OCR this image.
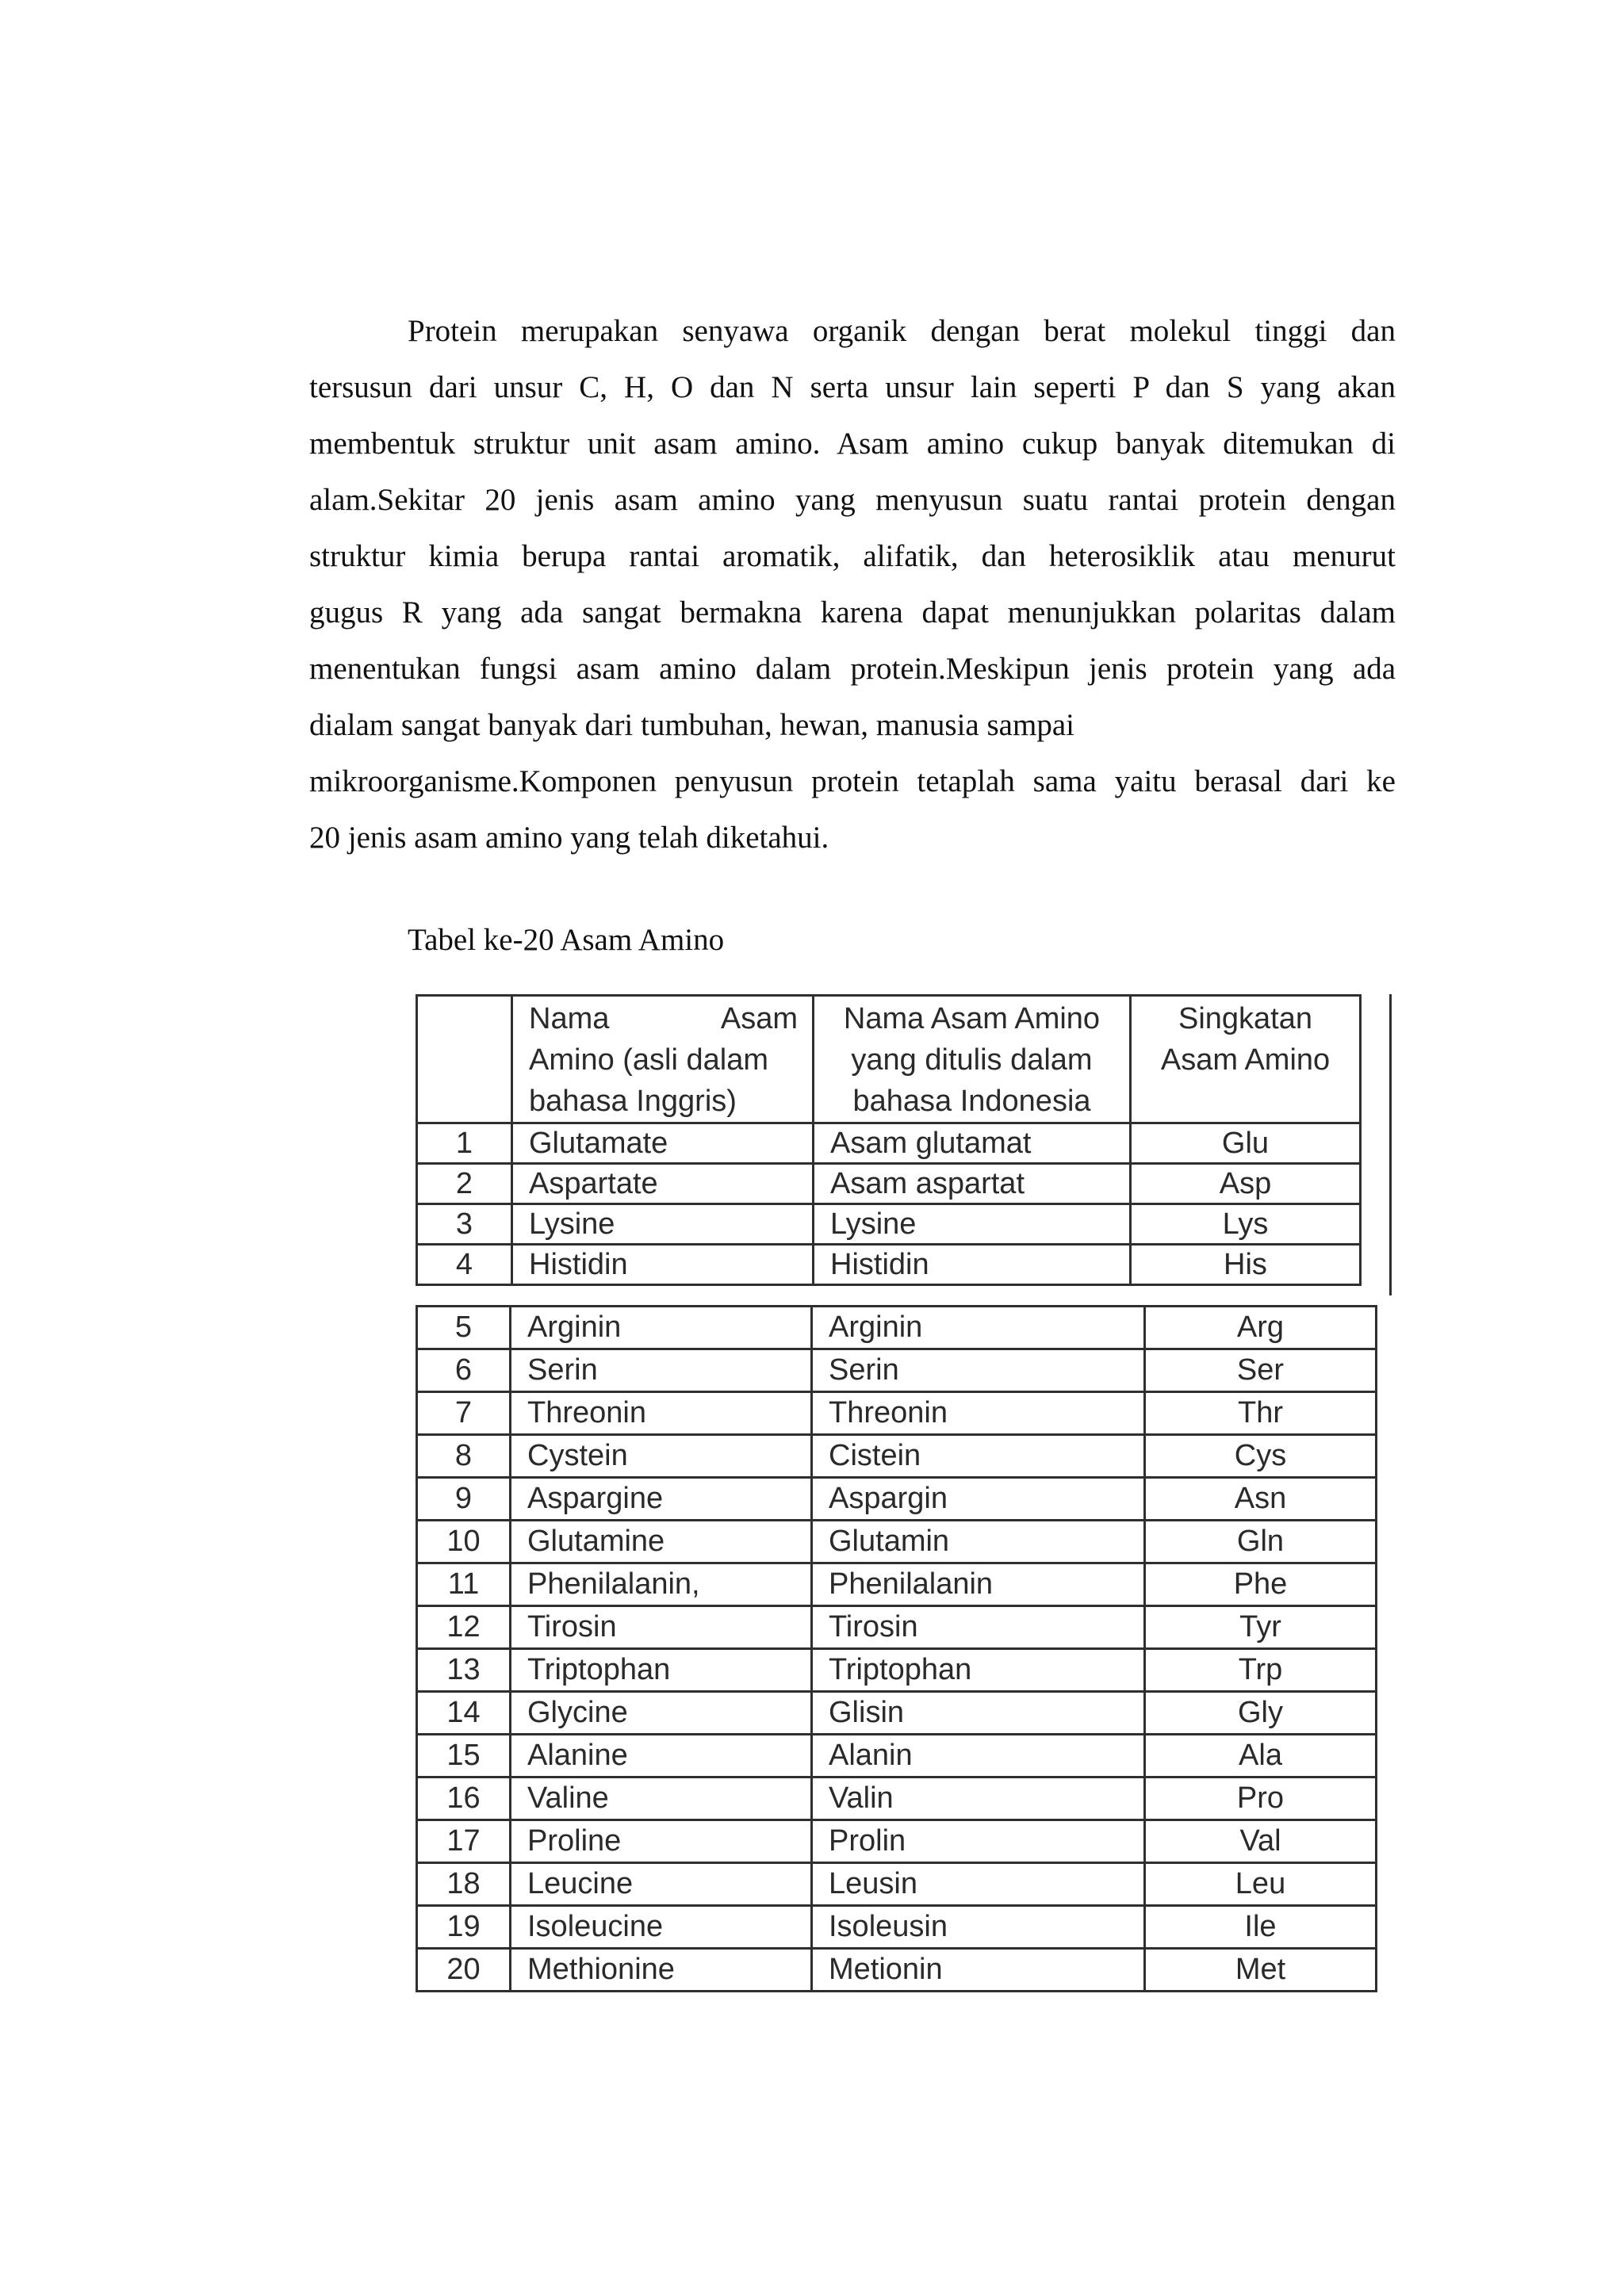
Protein merupakan senyawa organik dengan berat molekul tinggi dan
tersusun dari unsur C, H, O dan N serta unsur lain seperti P dan S yang akan
membentuk struktur unit asam amino. Asam amino cukup banyak ditemukan di
alam.Sekitar 20 jenis asam amino yang menyusun suatu rantai protein dengan
struktur kimia berupa rantai aromatik, alifatik, dan heterosiklik atau menurut
gugus R yang ada sangat bermakna karena dapat menunjukkan polaritas dalam
menentukan fungsi asam amino dalam protein.Meskipun jenis protein yang ada
dialam sangat banyak dari tumbuhan, hewan, manusia sampai
mikroorganisme.Komponen penyusun protein tetaplah sama yaitu berasal dari ke
20 jenis asam amino yang telah diketahui.
Tabel ke-20 Asam Amino

	Nama Asam
Amino (asli dalam
bahasa Inggris)	Nama Asam Amino
yang ditulis dalam
bahasa Indonesia	Singkatan
Asam Amino

1	Glutamate	Asam glutamat	Glu
2	Aspartate	Asam aspartat	Asp
3	Lysine	Lysine	Lys
4	Histidin	Histidin	His
5	Arginin	Arginin	Arg
6	Serin	Serin	Ser
7	Threonin	Threonin	Thr
8	Cystein	Cistein	Cys
9	Aspargine	Aspargin	Asn
10	Glutamine	Glutamin	Gln
11	Phenilalanin,	Phenilalanin	Phe
12	Tirosin	Tirosin	Tyr
13	Triptophan	Triptophan	Trp
14	Glycine	Glisin	Gly
15	Alanine	Alanin	Ala
16	Valine	Valin	Pro
17	Proline	Prolin	Val
18	Leucine	Leusin	Leu
19	Isoleucine	Isoleusin	Ile
20	Methionine	Metionin	Met
